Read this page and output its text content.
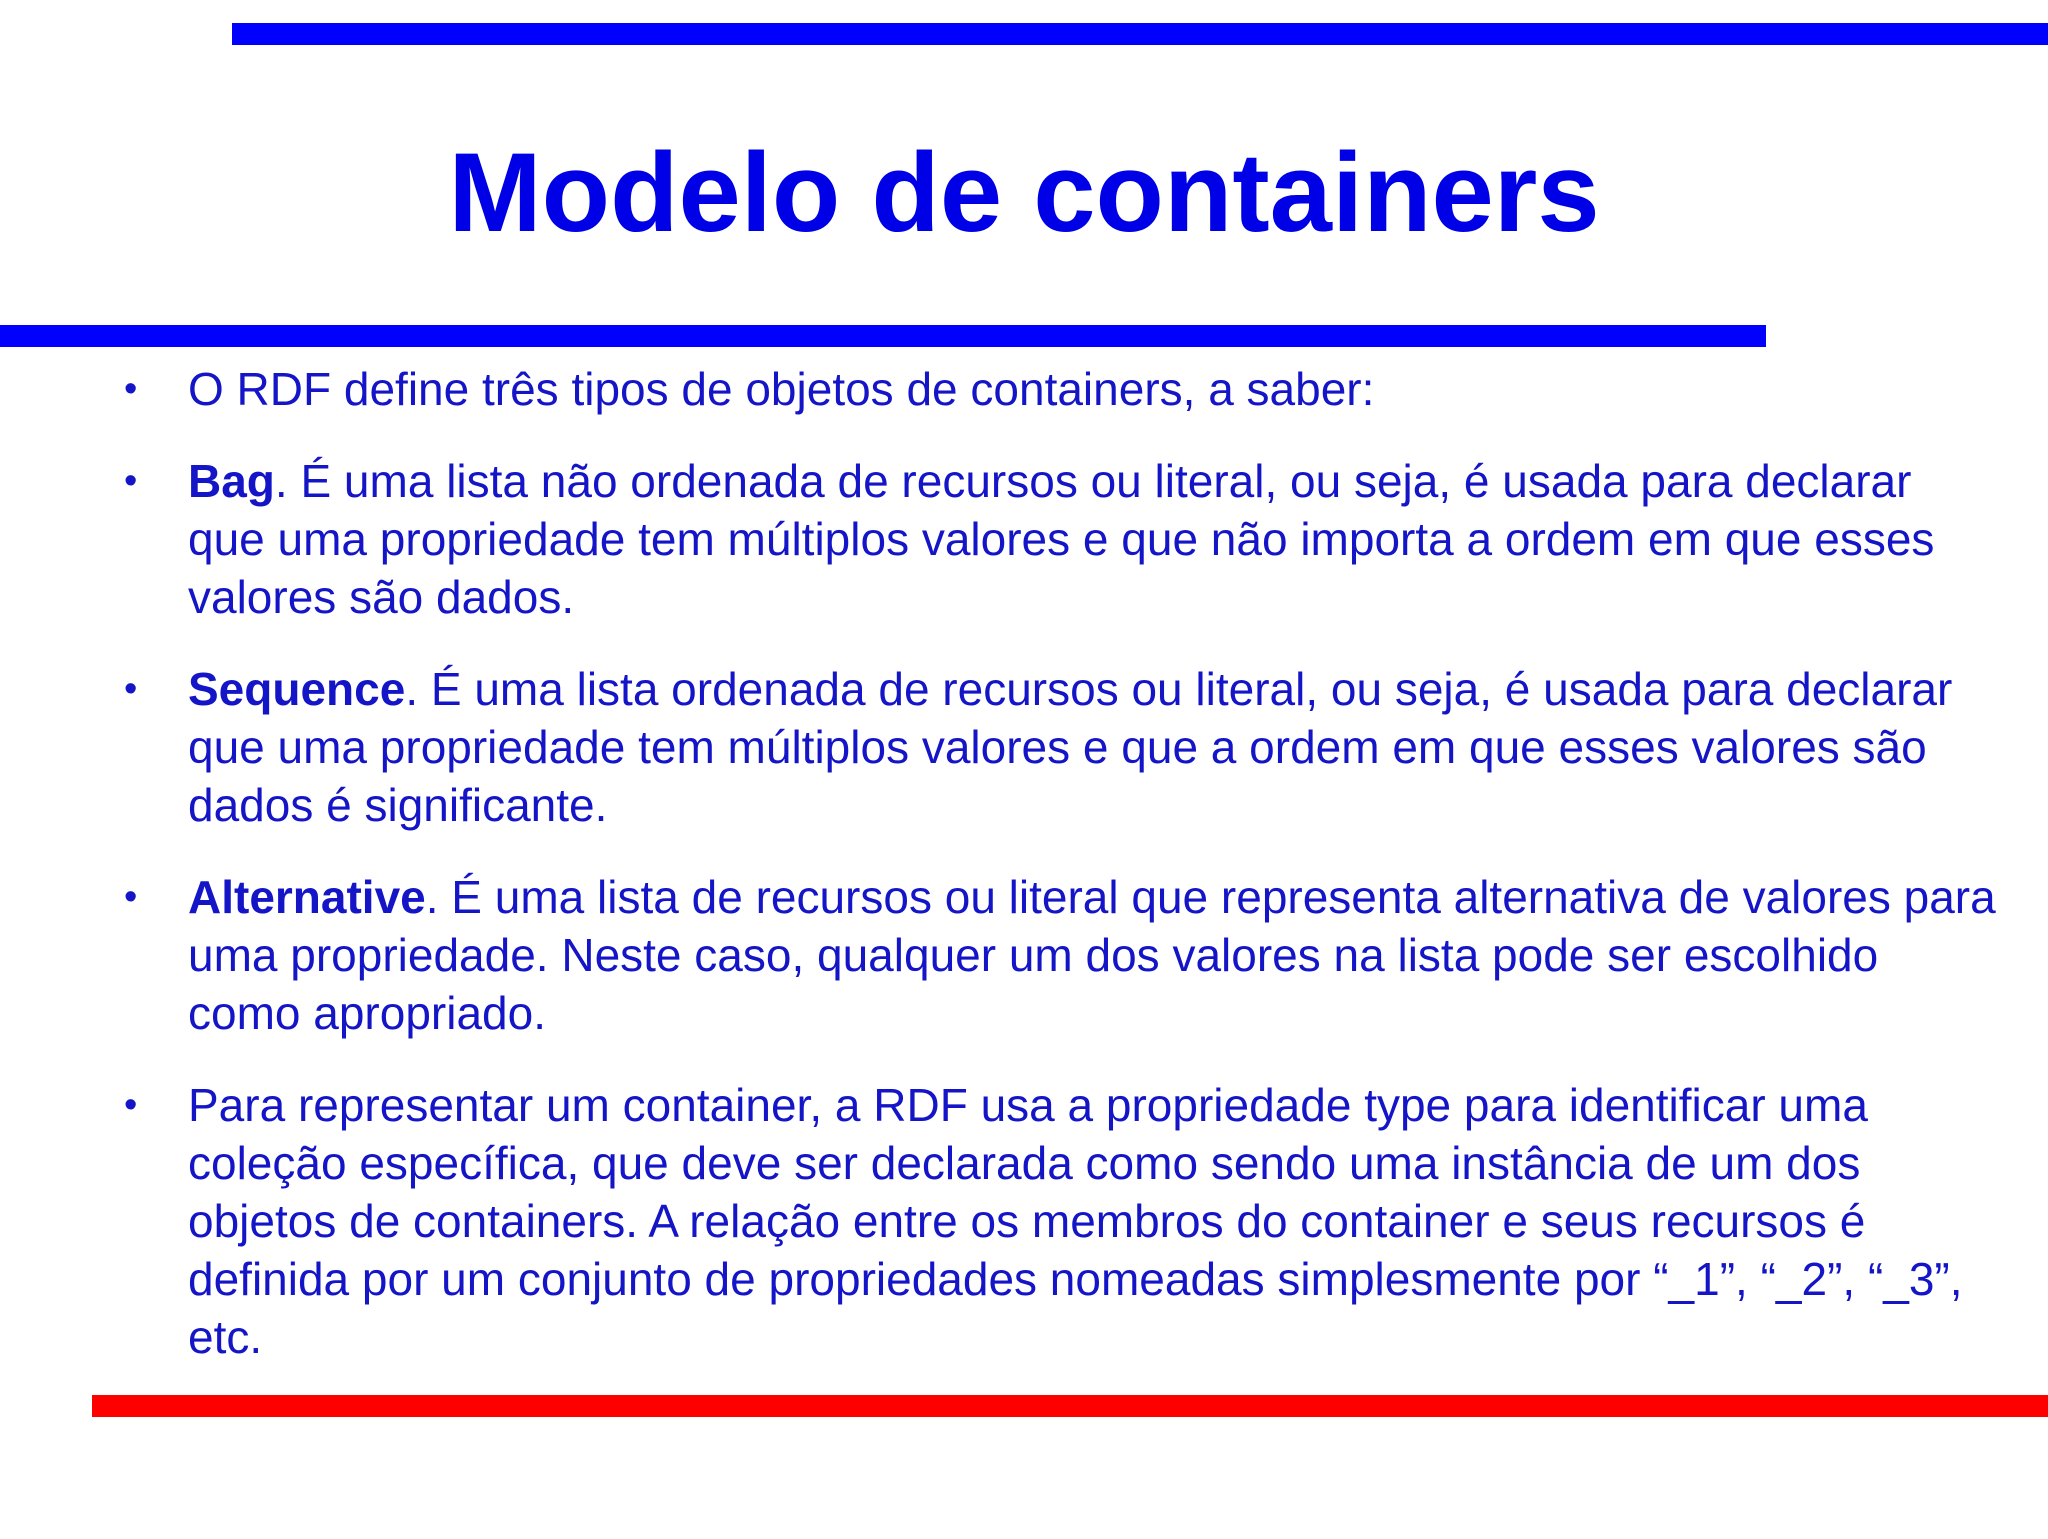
Modelo de containers
• O RDF define três tipos de objetos de containers, a saber:
• Bag. É uma lista não ordenada de recursos ou literal, ou seja, é usada para declarar que uma propriedade tem múltiplos valores e que não importa a ordem em que esses valores são dados.
• Sequence. É uma lista ordenada de recursos ou literal, ou seja, é usada para declarar que uma propriedade tem múltiplos valores e que a ordem em que esses valores são dados é significante.
• Alternative. É uma lista de recursos ou literal que representa alternativa de valores para uma propriedade. Neste caso, qualquer um dos valores na lista pode ser escolhido como apropriado.
• Para representar um container, a RDF usa a propriedade type para identificar uma coleção específica, que deve ser declarada como sendo uma instância de um dos objetos de containers. A relação entre os membros do container e seus recursos é definida por um conjunto de propriedades nomeadas simplesmente por “_1”, “_2”, “_3”, etc.
